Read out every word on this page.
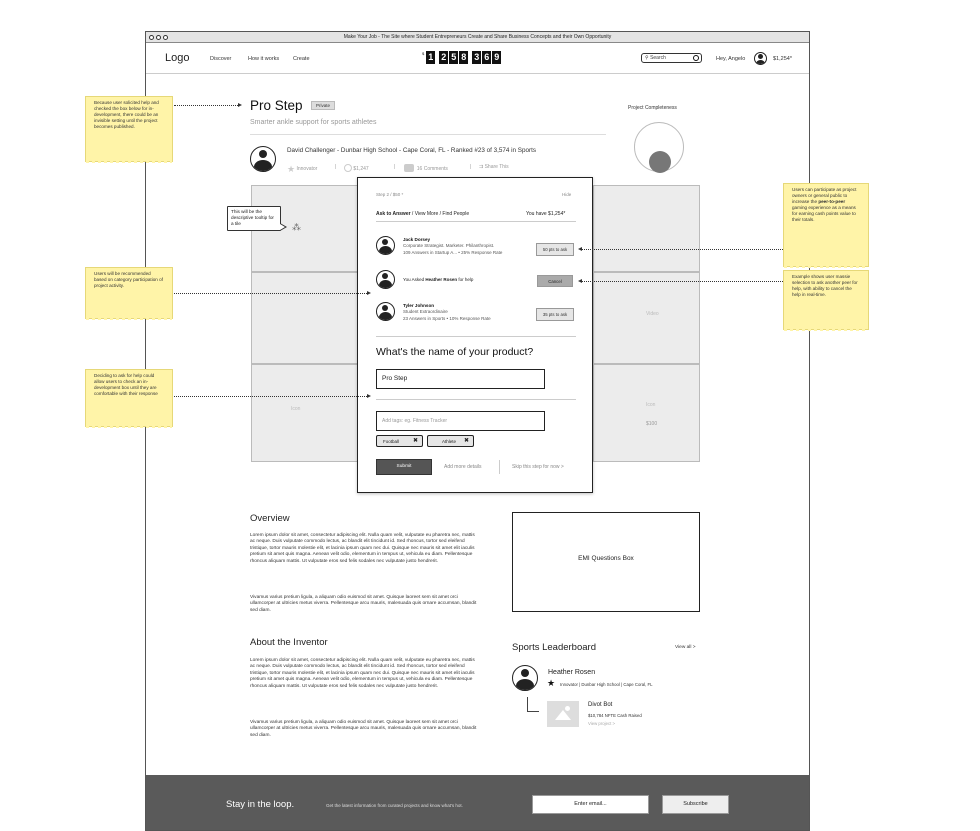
Make Your Job - The Site where Student Entrepreneurs Create and Share Business Concepts and their Own Opportunity
Logo	Discover	How it works	Create
$ 1 2 5 8 3 6 9	⚲ Search	Hey, Angelo	$1,254*
Pro Step	Private
Smarter ankle support for sports athletes
David Challenger - Dunbar High School - Cape Coral, FL - Ranked #23 of 3,574 in Sports
★ Innovator	|	$1,247	|	16 Comments	| ⇉ Share This
Project Completeness
Video
Icon
Icon
$100
⁂
Overview

Lorem ipsum dolor sit amet, consectetur adipiscing elit. Nulla quam velit, vulputate eu pharetra nec, mattis ac neque. Duis vulputate commodo lectus, ac blandit elit tincidunt id. Sed rhoncus, tortor sed eleifend tristique, tortor mauris molestie elit, et lacinia ipsum quam nec dui. Quisque nec mauris sit amet elit iaculis pretium sit amet quis magna. Aenean velit odio, elementum in tempus ut, vehicula eu diam. Pellentesque rhoncus aliquam mattis. Ut vulputate eros sed felis sodales nec vulputate justo hendrerit.

Vivamus varius pretium ligula, a aliquam odio euismod sit amet. Quisque laoreet sem sit amet orci ullamcorper at ultricies metus viverra. Pellentesque arcu mauris, malesuada quis ornare accumsan, blandit sed diam.

EMI Questions Box
About the Inventor

Lorem ipsum dolor sit amet, consectetur adipiscing elit. Nulla quam velit, vulputate eu pharetra nec, mattis ac neque. Duis vulputate commodo lectus, ac blandit elit tincidunt id. Sed rhoncus, tortor sed eleifend tristique, tortor mauris molestie elit, et lacinia ipsum quam nec dui. Quisque nec mauris sit amet elit iaculis pretium sit amet quis magna. Aenean velit odio, elementum in tempus ut, vehicula eu diam. Pellentesque rhoncus aliquam mattis. Ut vulputate eros sed felis sodales nec vulputate justo hendrerit.

Vivamus varius pretium ligula, a aliquam odio euismod sit amet. Quisque laoreet sem sit amet orci ullamcorper at ultricies metus viverra. Pellentesque arcu mauris, malesuada quis ornare accumsan, blandit sed diam.

Sports Leaderboard	View all >
Heather Rosen
★ Innovator | Dunbar High School | Cape Coral, FL
Divot Bot
$10,784 NFTE Cash Raised
View project >
Stay in the loop.	Get the latest information from curated projects and know what's hot.	Enter email...	Subscribe
Step 2 / $50 *	Hide
Ask to Answer / View More / Find People	You have $1,254*
Jack Dorsey
Corporate Strategist. Marketer. Philanthropist.
109 Answers in Startup A... • 25% Response Rate
50 pts to ask
You Asked Heather Rosen for help	Cancel
Tyler Johnson
Student Extraordinaire
23 Answers in Sports • 10% Response Rate
35 pts to ask
What's the name of your product?
Pro Step
Add tags: eg. Fitness Tracker
Football ✖	Athlete ✖
Submit	Add more details	Skip this step for now >
This will be the descriptive tooltip for a tile
Because user solicited help and checked the box below for in-development, there could be an invisible setting until the project becomes published.
Users will be recommended based on category participation of project activity.
Deciding to ask for help could allow users to check an in-development box until they are comfortable with their response
Users can participate as project owners or general public to increase the peer-to-peer gaming experience as a means for earning cash points value to their totals.
Example shows user massie selection to ask another peer for help, with ability to cancel the help in real-time.
